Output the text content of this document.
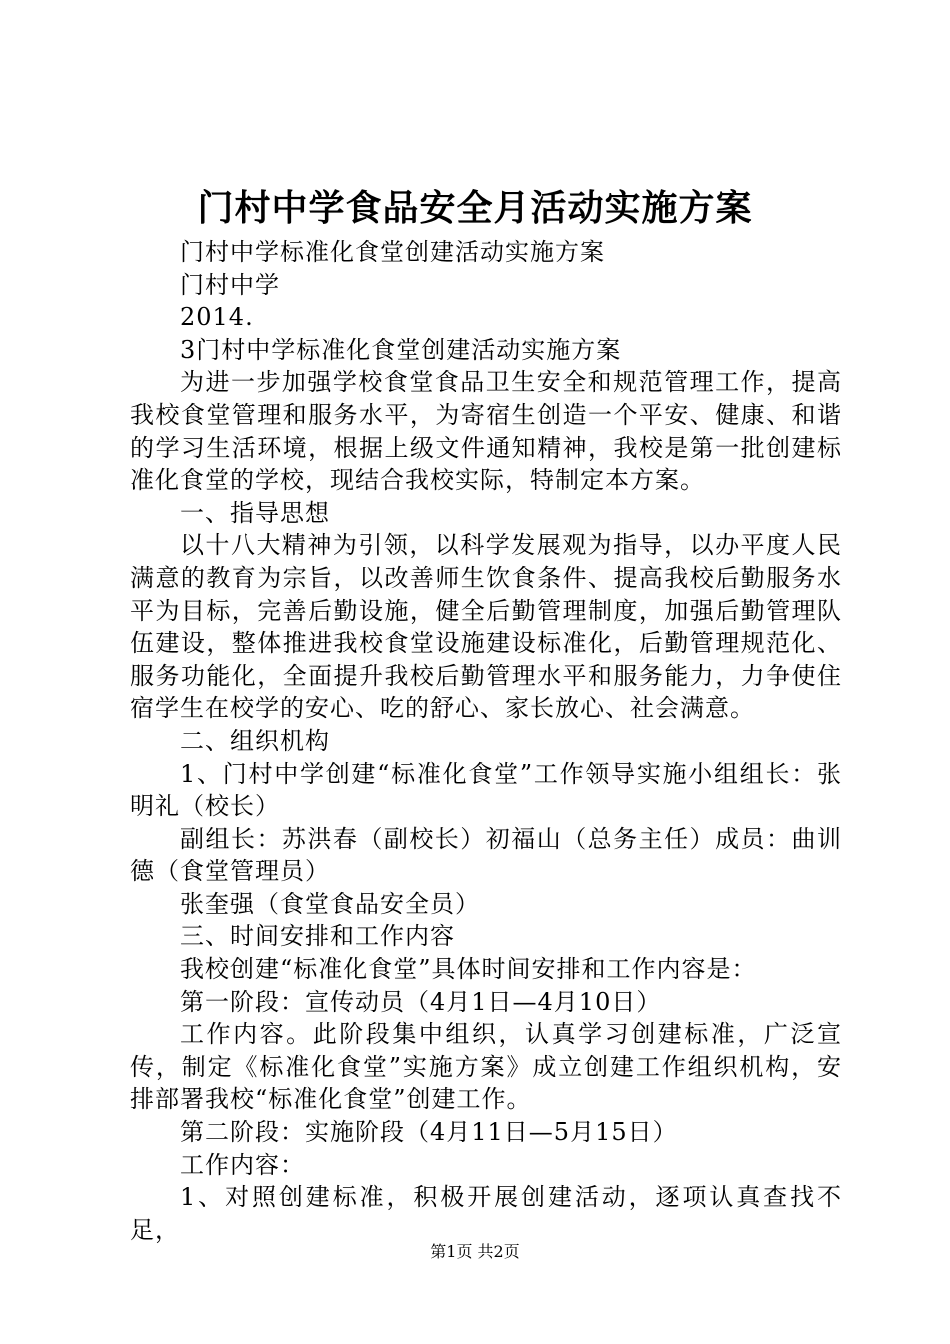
门村中学食品安全月活动实施方案
门村中学标准化食堂创建活动实施方案
门村中学
2014.
3门村中学标准化食堂创建活动实施方案
为进一步加强学校食堂食品卫生安全和规范管理工作，提高我校食堂管理和服务水平，为寄宿生创造一个平安、健康、和谐的学习生活环境，根据上级文件通知精神，我校是第一批创建标准化食堂的学校，现结合我校实际，特制定本方案。
一、指导思想
以十八大精神为引领，以科学发展观为指导，以办平度人民满意的教育为宗旨，以改善师生饮食条件、提高我校后勤服务水平为目标，完善后勤设施，健全后勤管理制度，加强后勤管理队伍建设，整体推进我校食堂设施建设标准化，后勤管理规范化、服务功能化，全面提升我校后勤管理水平和服务能力，力争使住宿学生在校学的安心、吃的舒心、家长放心、社会满意。
二、组织机构
1、门村中学创建“标准化食堂”工作领导实施小组组长：张明礼（校长）
副组长：苏洪春（副校长）初福山（总务主任）成员：曲训德（食堂管理员）
张奎强（食堂食品安全员）
三、时间安排和工作内容
我校创建“标准化食堂”具体时间安排和工作内容是：
第一阶段：宣传动员（4月1日—4月10日）
工作内容。此阶段集中组织，认真学习创建标准，广泛宣传，制定《标准化食堂”实施方案》成立创建工作组织机构，安排部署我校“标准化食堂”创建工作。
第二阶段：实施阶段（4月11日—5月15日）
工作内容：
1、对照创建标准，积极开展创建活动，逐项认真查找不足，
第1页 共2页
